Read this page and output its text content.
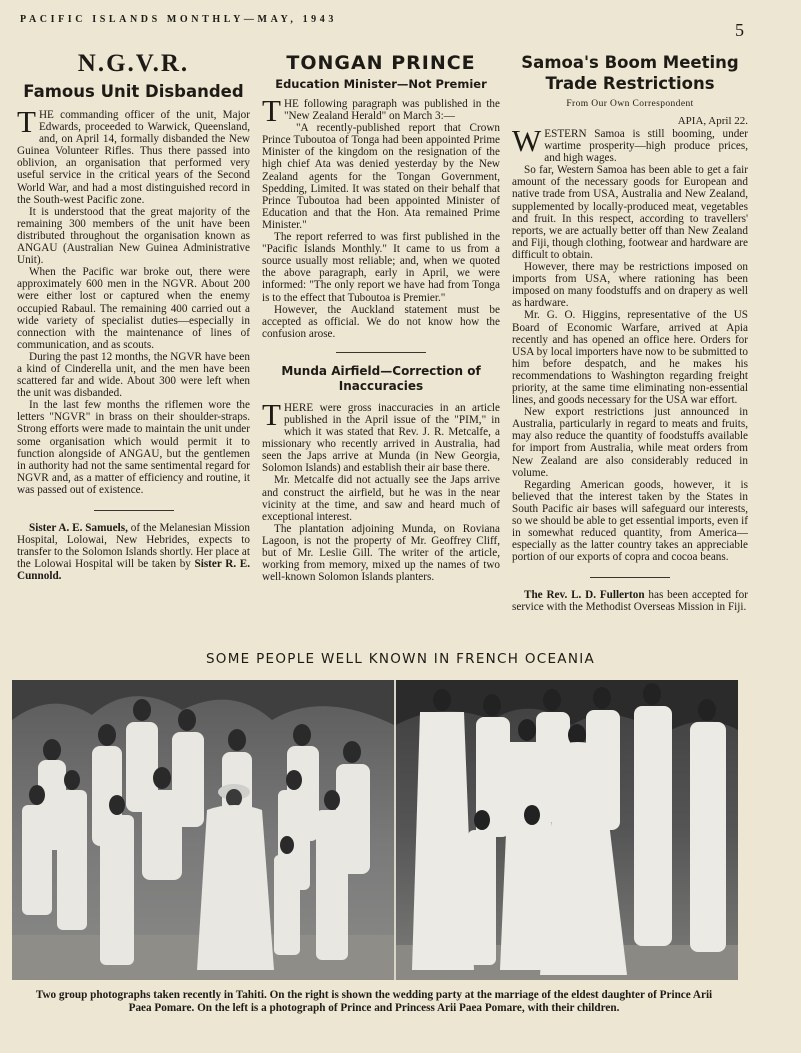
PACIFIC ISLANDS MONTHLY—MAY, 1943
5
N.G.V.R.
Famous Unit Disbanded

THE commanding officer of the unit, Major Edwards, proceeded to Warwick, Queensland, and, on April 14, formally disbanded the New Guinea Volunteer Rifles. Thus there passed into oblivion, an organisation that performed very useful service in the critical years of the Second World War, and had a most distinguished record in the South-west Pacific zone.

It is understood that the great majority of the remaining 300 members of the unit have been distributed throughout the organisation known as ANGAU (Australian New Guinea Administrative Unit).

When the Pacific war broke out, there were approximately 600 men in the NGVR. About 200 were either lost or captured when the enemy occupied Rabaul. The remaining 400 carried out a wide variety of specialist duties—especially in connection with the maintenance of lines of communication, and as scouts.

During the past 12 months, the NGVR have been a kind of Cinderella unit, and the men have been scattered far and wide. About 300 were left when the unit was disbanded.

In the last few months the riflemen wore the letters "NGVR" in brass on their shoulder-straps. Strong efforts were made to maintain the unit under some organisation which would permit it to function alongside of ANGAU, but the gentlemen in authority had not the same sentimental regard for NGVR and, as a matter of efficiency and routine, it was passed out of existence.

Sister A. E. Samuels, of the Melanesian Mission Hospital, Lolowai, New Hebrides, expects to transfer to the Solomon Islands shortly. Her place at the Lolowai Hospital will be taken by Sister R. E. Cunnold.

TONGAN PRINCE
Education Minister—Not Premier

THE following paragraph was published in the "New Zealand Herald" on March 3:—

"A recently-published report that Crown Prince Tuboutoa of Tonga had been appointed Prime Minister of the kingdom on the resignation of the high chief Ata was denied yesterday by the New Zealand agents for the Tongan Government, Spedding, Limited. It was stated on their behalf that Prince Tuboutoa had been appointed Minister of Education and that the Hon. Ata remained Prime Minister."

The report referred to was first published in the "Pacific Islands Monthly." It came to us from a source usually most reliable; and, when we quoted the above paragraph, early in April, we were informed: "The only report we have had from Tonga is to the effect that Tuboutoa is Premier."

However, the Auckland statement must be accepted as official. We do not know how the confusion arose.

Munda Airfield—Correction of Inaccuracies

THERE were gross inaccuracies in an article published in the April issue of the "PIM," in which it was stated that Rev. J. R. Metcalfe, a missionary who recently arrived in Australia, had seen the Japs arrive at Munda (in New Georgia, Solomon Islands) and establish their air base there.

Mr. Metcalfe did not actually see the Japs arrive and construct the airfield, but he was in the near vicinity at the time, and saw and heard much of exceptional interest.

The plantation adjoining Munda, on Roviana Lagoon, is not the property of Mr. Geoffrey Cliff, but of Mr. Leslie Gill. The writer of the article, working from memory, mixed up the names of two well-known Solomon Islands planters.

Samoa's Boom Meeting
Trade Restrictions
From Our Own Correspondent
APIA, April 22.

WESTERN Samoa is still booming, under wartime prosperity—high produce prices, and high wages.

So far, Western Samoa has been able to get a fair amount of the necessary goods for European and native trade from USA, Australia and New Zealand, supplemented by locally-produced meat, vegetables and fruit. In this respect, according to travellers' reports, we are actually better off than New Zealand and Fiji, though clothing, footwear and hardware are difficult to obtain.

However, there may be restrictions imposed on imports from USA, where rationing has been imposed on many foodstuffs and on drapery as well as hardware.

Mr. G. O. Higgins, representative of the US Board of Economic Warfare, arrived at Apia recently and has opened an office here. Orders for USA by local importers have now to be submitted to him before despatch, and he makes his recommendations to Washington regarding freight priority, at the same time eliminating non-essential lines, and goods necessary for the USA war effort.

New export restrictions just announced in Australia, particularly in regard to meats and fruits, may also reduce the quantity of foodstuffs available for import from Australia, while meat orders from New Zealand are also considerably reduced in volume.

Regarding American goods, however, it is believed that the interest taken by the States in South Pacific air bases will safeguard our interests, so we should be able to get essential imports, even if in somewhat reduced quantity, from America—especially as the latter country takes an appreciable portion of our exports of copra and cocoa beans.

The Rev. L. D. Fullerton has been accepted for service with the Methodist Overseas Mission in Fiji.

SOME PEOPLE WELL KNOWN IN FRENCH OCEANIA
Two group photographs taken recently in Tahiti. On the right is shown the wedding party at the marriage of the eldest daughter of Prince Arii Paea Pomare. On the left is a photograph of Prince and Princess Arii Paea Pomare, with their children.
